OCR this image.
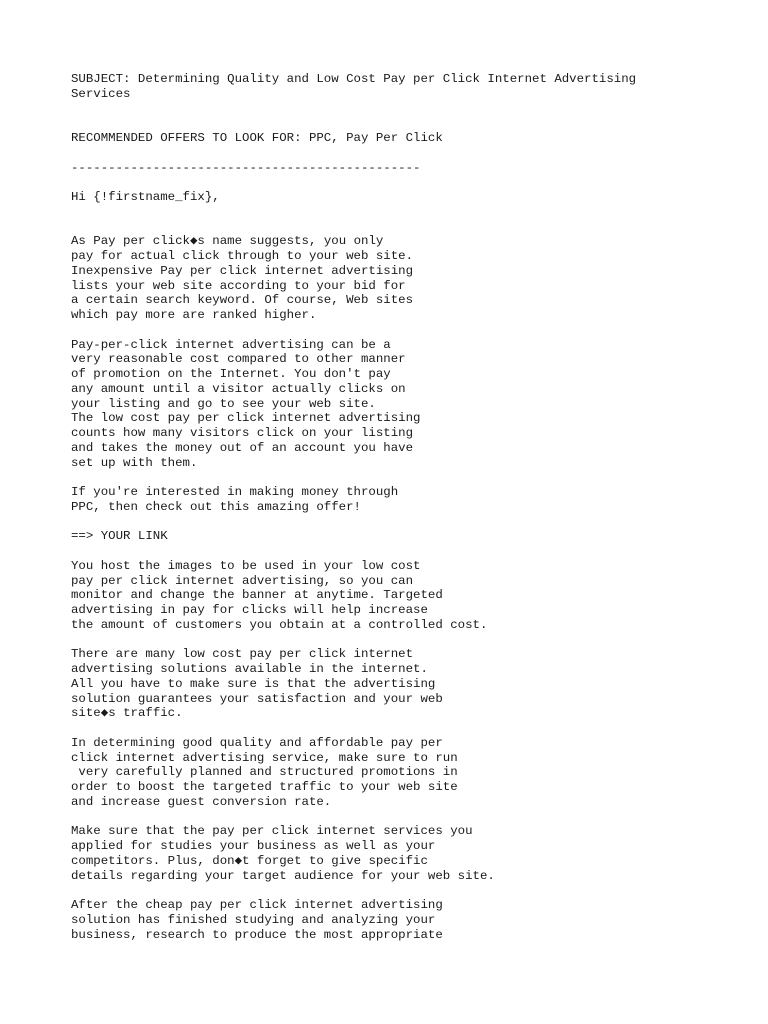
SUBJECT: Determining Quality and Low Cost Pay per Click Internet Advertising
Services
RECOMMENDED OFFERS TO LOOK FOR: PPC, Pay Per Click
-----------------------------------------------
Hi {!firstname_fix},
As Pay per click◆s name suggests, you only
pay for actual click through to your web site.
Inexpensive Pay per click internet advertising
lists your web site according to your bid for
a certain search keyword. Of course, Web sites
which pay more are ranked higher.
Pay-per-click internet advertising can be a
very reasonable cost compared to other manner
of promotion on the Internet. You don't pay
any amount until a visitor actually clicks on
your listing and go to see your web site.
The low cost pay per click internet advertising
counts how many visitors click on your listing
and takes the money out of an account you have
set up with them.
If you're interested in making money through
PPC, then check out this amazing offer!
==> YOUR LINK
You host the images to be used in your low cost
pay per click internet advertising, so you can
monitor and change the banner at anytime. Targeted
advertising in pay for clicks will help increase
the amount of customers you obtain at a controlled cost.
There are many low cost pay per click internet
advertising solutions available in the internet.
All you have to make sure is that the advertising
solution guarantees your satisfaction and your web
site◆s traffic.
In determining good quality and affordable pay per
click internet advertising service, make sure to run
very carefully planned and structured promotions in
order to boost the targeted traffic to your web site
and increase guest conversion rate.
Make sure that the pay per click internet services you
applied for studies your business as well as your
competitors. Plus, don◆t forget to give specific
details regarding your target audience for your web site.
After the cheap pay per click internet advertising
solution has finished studying and analyzing your
business, research to produce the most appropriate
